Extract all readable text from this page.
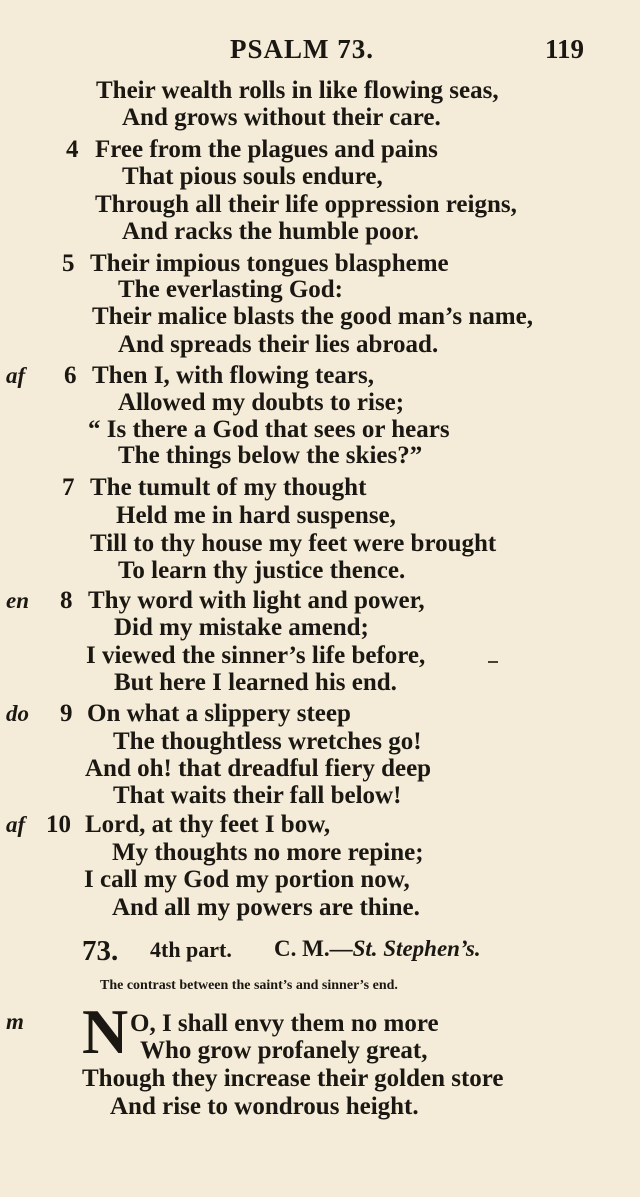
PSALM 73.	119
Their wealth rolls in like flowing seas,
And grows without their care.
4 Free from the plagues and pains
That pious souls endure,
Through all their life oppression reigns,
And racks the humble poor.
5 Their impious tongues blaspheme
The everlasting God:
Their malice blasts the good man’s name,
And spreads their lies abroad.
af 6 Then I, with flowing tears,
Allowed my doubts to rise;
“ Is there a God that sees or hears
The things below the skies?”
7 The tumult of my thought
Held me in hard suspense,
Till to thy house my feet were brought
To learn thy justice thence.
en 8 Thy word with light and power,
Did my mistake amend;
I viewed the sinner’s life before,
But here I learned his end.
do 9 On what a slippery steep
The thoughtless wretches go!
And oh! that dreadful fiery deep
That waits their fall below!
af 10 Lord, at thy feet I bow,
My thoughts no more repine;
I call my God my portion now,
And all my powers are thine.
73. 4th part. C. M.—St. Stephen’s.
The contrast between the saint’s and sinner’s end.
m N O, I shall envy them no more
Who grow profanely great,
Though they increase their golden store
And rise to wondrous height.
